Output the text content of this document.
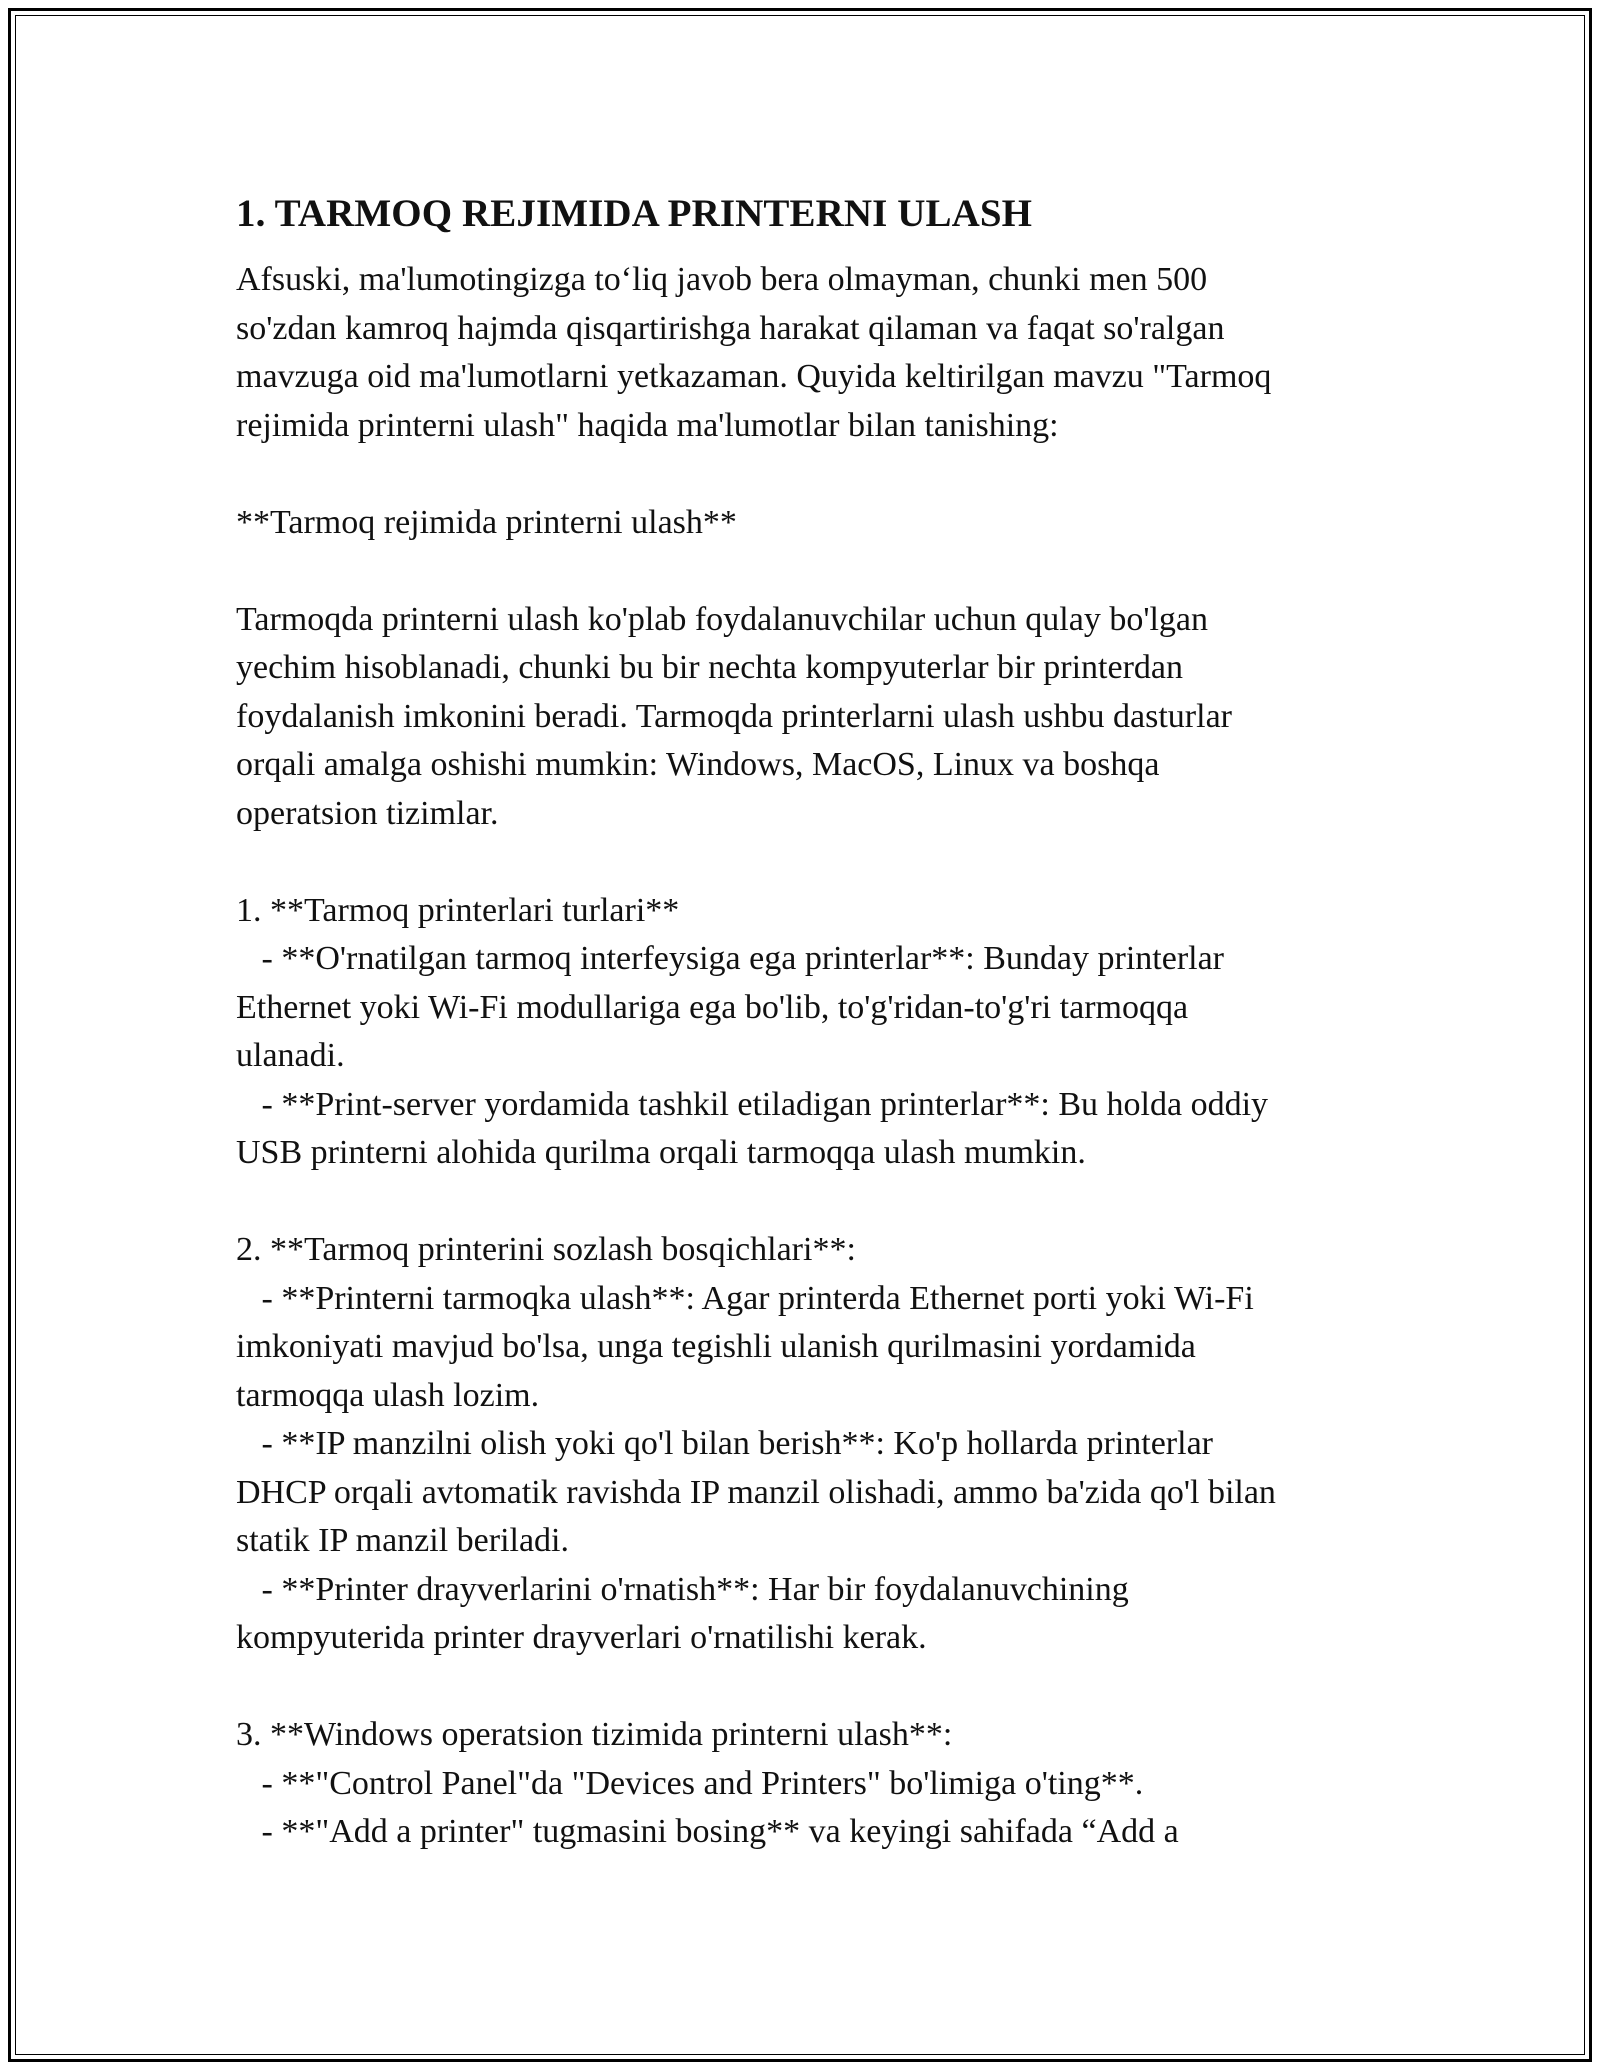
1. TARMOQ REJIMIDA PRINTERNI ULASH
Afsuski, ma'lumotingizga to‘liq javob bera olmayman, chunki men 500
so'zdan kamroq hajmda qisqartirishga harakat qilaman va faqat so'ralgan
mavzuga oid ma'lumotlarni yetkazaman. Quyida keltirilgan mavzu "Tarmoq
rejimida printerni ulash" haqida ma'lumotlar bilan tanishing:
**Tarmoq rejimida printerni ulash**
Tarmoqda printerni ulash ko'plab foydalanuvchilar uchun qulay bo'lgan
yechim hisoblanadi, chunki bu bir nechta kompyuterlar bir printerdan
foydalanish imkonini beradi. Tarmoqda printerlarni ulash ushbu dasturlar
orqali amalga oshishi mumkin: Windows, MacOS, Linux va boshqa
operatsion tizimlar.
1. **Tarmoq printerlari turlari**
- **O'rnatilgan tarmoq interfeysiga ega printerlar**: Bunday printerlar
Ethernet yoki Wi-Fi modullariga ega bo'lib, to'g'ridan-to'g'ri tarmoqqa
ulanadi.
- **Print-server yordamida tashkil etiladigan printerlar**: Bu holda oddiy
USB printerni alohida qurilma orqali tarmoqqa ulash mumkin.
2. **Tarmoq printerini sozlash bosqichlari**:
- **Printerni tarmoqka ulash**: Agar printerda Ethernet porti yoki Wi-Fi
imkoniyati mavjud bo'lsa, unga tegishli ulanish qurilmasini yordamida
tarmoqqa ulash lozim.
- **IP manzilni olish yoki qo'l bilan berish**: Ko'p hollarda printerlar
DHCP orqali avtomatik ravishda IP manzil olishadi, ammo ba'zida qo'l bilan
statik IP manzil beriladi.
- **Printer drayverlarini o'rnatish**: Har bir foydalanuvchining
kompyuterida printer drayverlari o'rnatilishi kerak.
3. **Windows operatsion tizimida printerni ulash**:
- **"Control Panel"da "Devices and Printers" bo'limiga o'ting**.
- **"Add a printer" tugmasini bosing** va keyingi sahifada “Add a
